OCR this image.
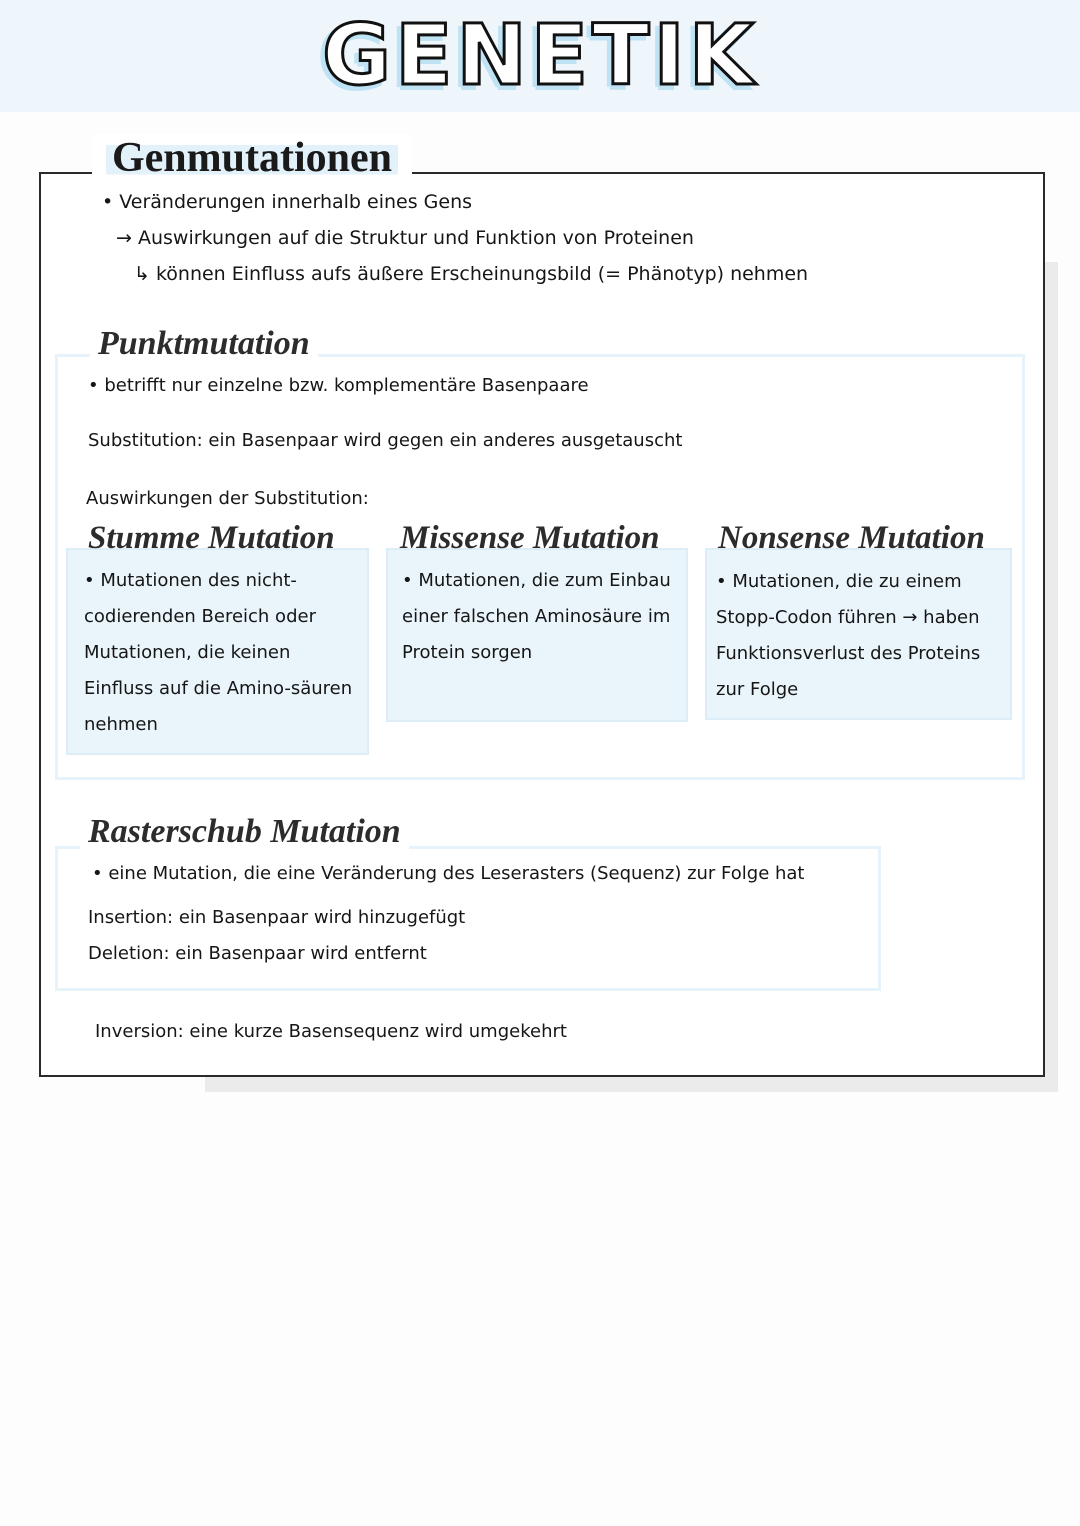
GENETIK
Genmutationen
• Veränderungen innerhalb eines Gens
→ Auswirkungen auf die Struktur und Funktion von Proteinen
↳ können Einfluss aufs äußere Erscheinungsbild (= Phänotyp) nehmen
Punktmutation
• betrifft nur einzelne bzw. komplementäre Basenpaare
Substitution: ein Basenpaar wird gegen ein anderes ausgetauscht
Auswirkungen der Substitution:
Stumme Mutation
• Mutationen des nicht-codierenden Bereich oder Mutationen, die keinen Einfluss auf die Amino-säuren nehmen
Missense Mutation
• Mutationen, die zum Einbau einer falschen Aminosäure im Protein sorgen
Nonsense Mutation
• Mutationen, die zu einem Stopp-Codon führen → haben Funktionsverlust des Proteins zur Folge
Rasterschub Mutation
• eine Mutation, die eine Veränderung des Leserasters (Sequenz) zur Folge hat
Insertion: ein Basenpaar wird hinzugefügt
Deletion: ein Basenpaar wird entfernt
Inversion: eine kurze Basensequenz wird umgekehrt
